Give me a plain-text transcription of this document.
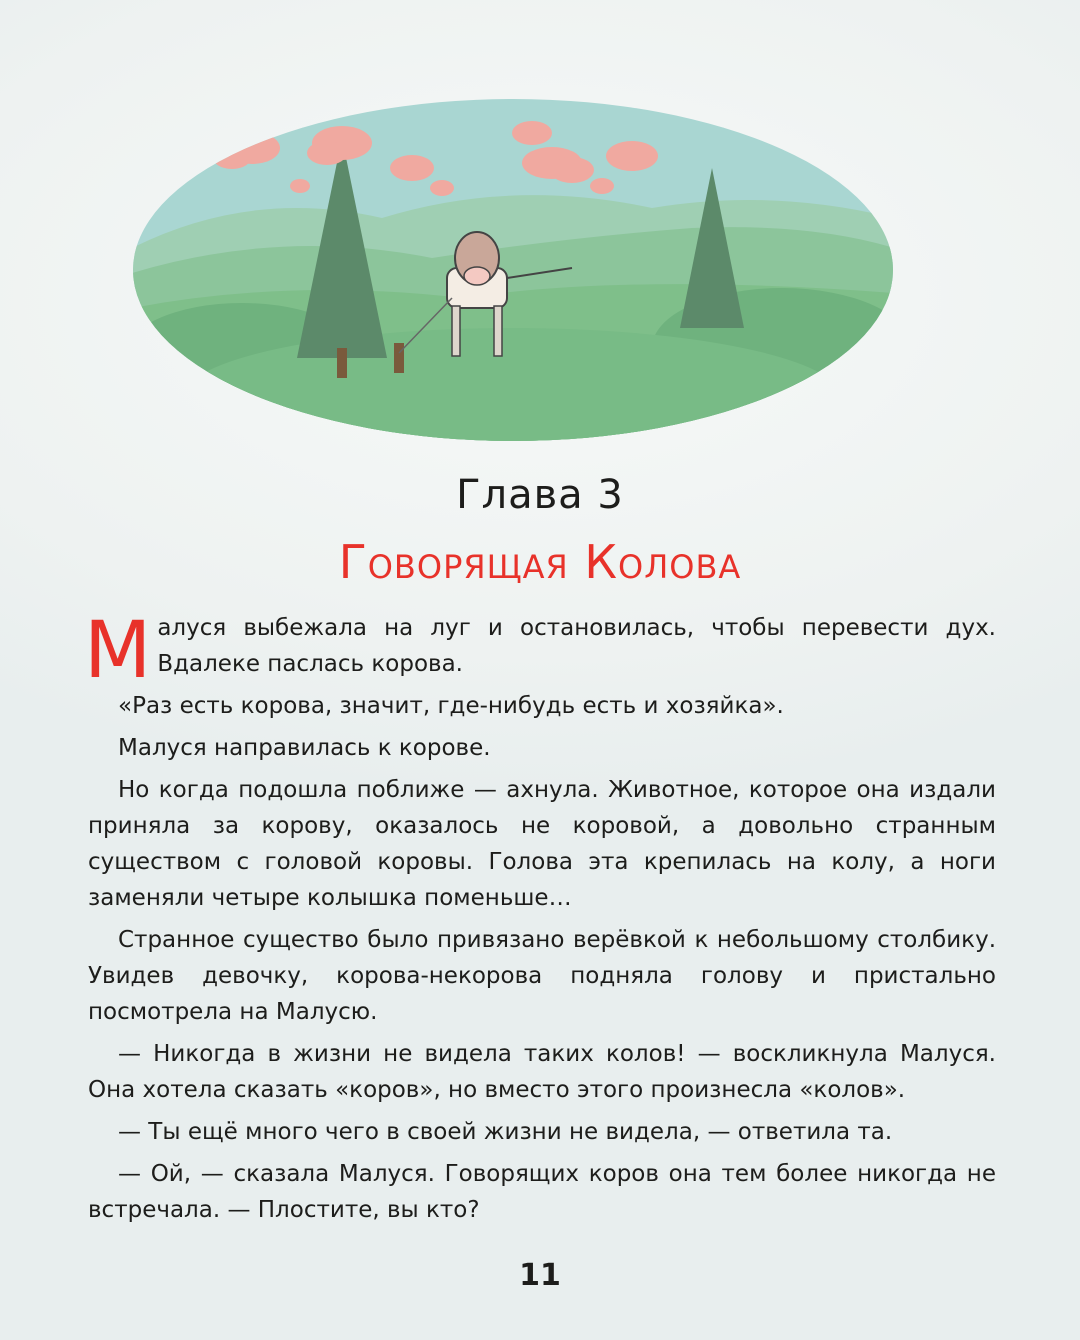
Глава 3
Говорящая Колова

Малуся выбежала на луг и остановилась, чтобы перевести дух. Вдалеке паслась корова.

«Раз есть корова, значит, где-нибудь есть и хозяйка».

Малуся направилась к корове.

Но когда подошла поближе — ахнула. Животное, которое она издали приняла за корову, оказалось не коровой, а довольно странным существом с головой коровы. Голова эта крепилась на колу, а ноги заменяли четыре колышка поменьше…

Странное существо было привязано верёвкой к небольшому столбику. Увидев девочку, корова-некорова подняла голову и пристально посмотрела на Малусю.

— Никогда в жизни не видела таких колов! — воскликнула Малуся. Она хотела сказать «коров», но вместо этого произнесла «колов».

— Ты ещё много чего в своей жизни не видела, — ответила та.

— Ой, — сказала Малуся. Говорящих коров она тем более никогда не встречала. — Плостите, вы кто?

11
